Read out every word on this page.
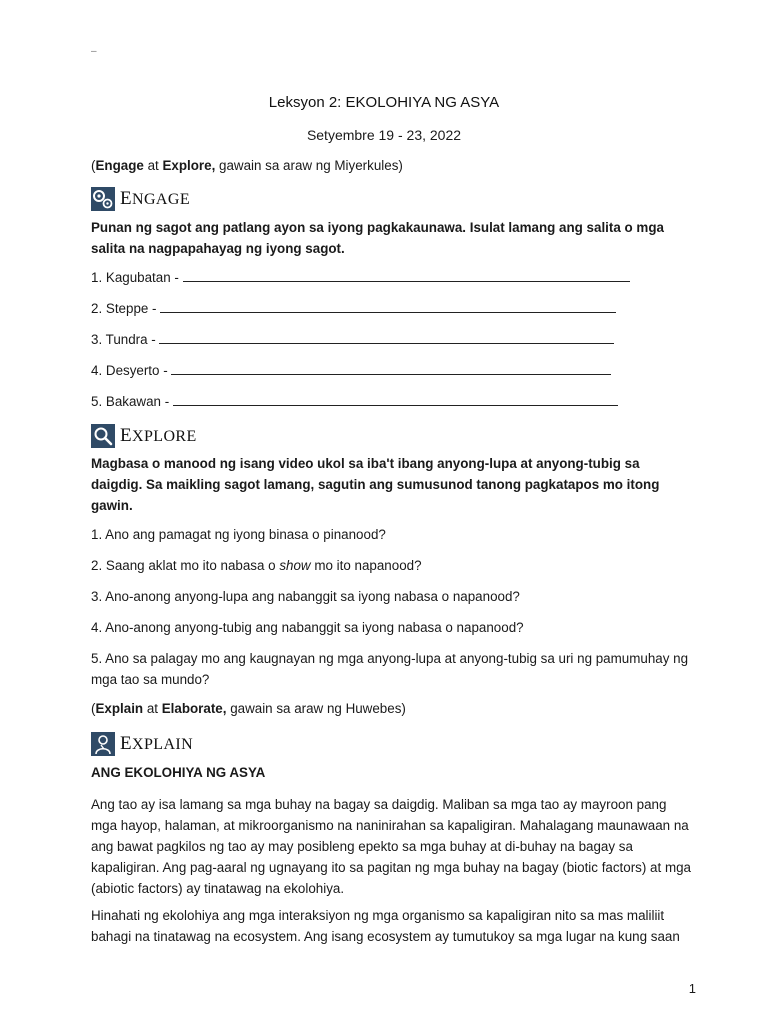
–
Leksyon 2: EKOLOHIYA NG ASYA
Setyembre 19 - 23, 2022
(Engage at Explore, gawain sa araw ng Miyerkules)
ENGAGE
Punan ng sagot ang patlang ayon sa iyong pagkakaunawa. Isulat lamang ang salita o mga salita na nagpapahayag ng iyong sagot.
1. Kagubatan -
2. Steppe -
3. Tundra -
4. Desyerto -
5. Bakawan -
EXPLORE
Magbasa o manood ng isang video ukol sa iba't ibang anyong-lupa at anyong-tubig sa daigdig. Sa maikling sagot lamang, sagutin ang sumusunod tanong pagkatapos mo itong gawin.
1. Ano ang pamagat ng iyong binasa o pinanood?
2. Saang aklat mo ito nabasa o show mo ito napanood?
3. Ano-anong anyong-lupa ang nabanggit sa iyong nabasa o napanood?
4. Ano-anong anyong-tubig ang nabanggit sa iyong nabasa o napanood?
5. Ano sa palagay mo ang kaugnayan ng mga anyong-lupa at anyong-tubig sa uri ng pamumuhay ng mga tao sa mundo?
(Explain at Elaborate, gawain sa araw ng Huwebes)
EXPLAIN
ANG EKOLOHIYA NG ASYA
Ang tao ay isa lamang sa mga buhay na bagay sa daigdig. Maliban sa mga tao ay mayroon pang mga hayop, halaman, at mikroorganismo na naninirahan sa kapaligiran. Mahalagang maunawaan na ang bawat pagkilos ng tao ay may posibleng epekto sa mga buhay at di-buhay na bagay sa kapaligiran. Ang pag-aaral ng ugnayang ito sa pagitan ng mga buhay na bagay (biotic factors) at mga (abiotic factors) ay tinatawag na ekolohiya.
Hinahati ng ekolohiya ang mga interaksiyon ng mga organismo sa kapaligiran nito sa mas maliliit bahagi na tinatawag na ecosystem. Ang isang ecosystem ay tumutukoy sa mga lugar na kung saan
1
